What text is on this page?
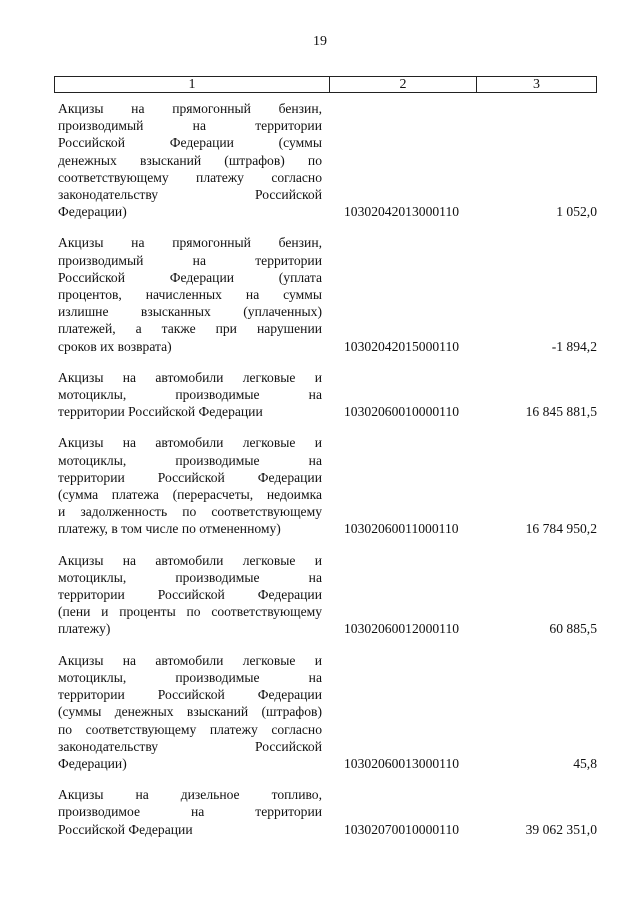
19
1	2	3
Акцизы на прямогонный бензин,
производимый на территории
Российской Федерации (суммы
денежных взысканий (штрафов) по
соответствующему платежу согласно
законодательству Российской
Федерации)	10302042013000110	1 052,0
Акцизы на прямогонный бензин,
производимый на территории
Российской Федерации (уплата
процентов, начисленных на суммы
излишне взысканных (уплаченных)
платежей, а также при нарушении
сроков их возврата)	10302042015000110	-1 894,2
Акцизы на автомобили легковые и
мотоциклы, производимые на
территории Российской Федерации	10302060010000110	16 845 881,5
Акцизы на автомобили легковые и
мотоциклы, производимые на
территории Российской Федерации
(сумма платежа (перерасчеты, недоимка
и задолженность по соответствующему
платежу, в том числе по отмененному)	10302060011000110	16 784 950,2
Акцизы на автомобили легковые и
мотоциклы, производимые на
территории Российской Федерации
(пени и проценты по соответствующему
платежу)	10302060012000110	60 885,5
Акцизы на автомобили легковые и
мотоциклы, производимые на
территории Российской Федерации
(суммы денежных взысканий (штрафов)
по соответствующему платежу согласно
законодательству Российской
Федерации)	10302060013000110	45,8
Акцизы на дизельное топливо,
производимое на территории
Российской Федерации	10302070010000110	39 062 351,0
